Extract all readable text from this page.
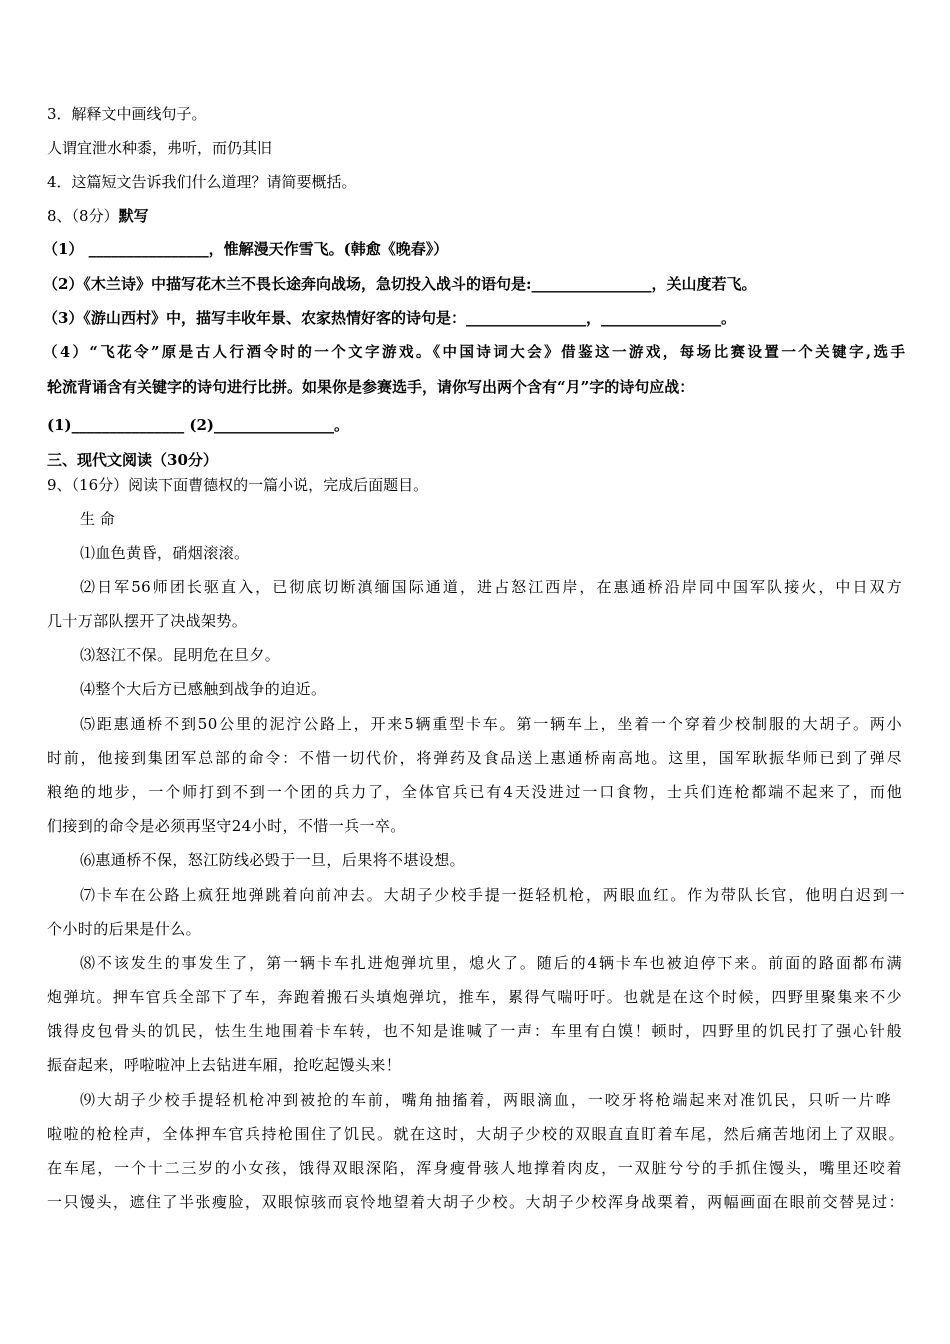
3．解释文中画线句子。
人谓宜泄水种黍，弗听，而仍其旧
4．这篇短文告诉我们什么道理？请简要概括。
8、（8分）默写
（1） ________________，惟解漫天作雪飞。(韩愈《晚春》）
（2）《木兰诗》中描写花木兰不畏长途奔向战场，急切投入战斗的语句是:________________，关山度若飞。
（3）《游山西村》中，描写丰收年景、农家热情好客的诗句是：________________，________________。
（4）“飞花令”原是古人行酒令时的一个文字游戏。《中国诗词大会》借鉴这一游戏，每场比赛设置一个关键字,选手
轮流背诵含有关键字的诗句进行比拼。如果你是参赛选手，请你写出两个含有“月”字的诗句应战：
(1)_______________ (2)________________。
三、现代文阅读（30分）
9、（16分）阅读下面曹德权的一篇小说，完成后面题目。
生 命
⑴血色黄昏，硝烟滚滚。
⑵日军56师团长驱直入，已彻底切断滇缅国际通道，进占怒江西岸，在惠通桥沿岸同中国军队接火，中日双方
几十万部队摆开了决战架势。
⑶怒江不保。昆明危在旦夕。
⑷整个大后方已感触到战争的迫近。
⑸距惠通桥不到50公里的泥泞公路上，开来5辆重型卡车。第一辆车上，坐着一个穿着少校制服的大胡子。两小
时前，他接到集团军总部的命令：不惜一切代价，将弹药及食品送上惠通桥南高地。这里，国军耿振华师已到了弹尽
粮绝的地步，一个师打到不到一个团的兵力了，全体官兵已有4天没进过一口食物，士兵们连枪都端不起来了，而他
们接到的命令是必须再坚守24小时，不惜一兵一卒。
⑹惠通桥不保，怒江防线必毁于一旦，后果将不堪设想。
⑺卡车在公路上疯狂地弹跳着向前冲去。大胡子少校手提一挺轻机枪，两眼血红。作为带队长官，他明白迟到一
个小时的后果是什么。
⑻不该发生的事发生了，第一辆卡车扎进炮弹坑里，熄火了。随后的4辆卡车也被迫停下来。前面的路面都布满
炮弹坑。押车官兵全部下了车，奔跑着搬石头填炮弹坑，推车，累得气喘吁吁。也就是在这个时候，四野里聚集来不少
饿得皮包骨头的饥民，怯生生地围着卡车转，也不知是谁喊了一声：车里有白馍！顿时，四野里的饥民打了强心针般
振奋起来，呼啦啦冲上去钻进车厢，抢吃起馒头来！
⑼大胡子少校手提轻机枪冲到被抢的车前，嘴角抽搐着，两眼滴血，一咬牙将枪端起来对准饥民，只听一片哗
啦啦的枪栓声，全体押车官兵持枪围住了饥民。就在这时，大胡子少校的双眼直直盯着车尾，然后痛苦地闭上了双眼。
在车尾，一个十二三岁的小女孩，饿得双眼深陷，浑身瘦骨骇人地撑着肉皮，一双脏兮兮的手抓住馒头，嘴里还咬着
一只馒头，遮住了半张瘦脸，双眼惊骇而哀怜地望着大胡子少校。大胡子少校浑身战栗着，两幅画面在眼前交替晃过：
